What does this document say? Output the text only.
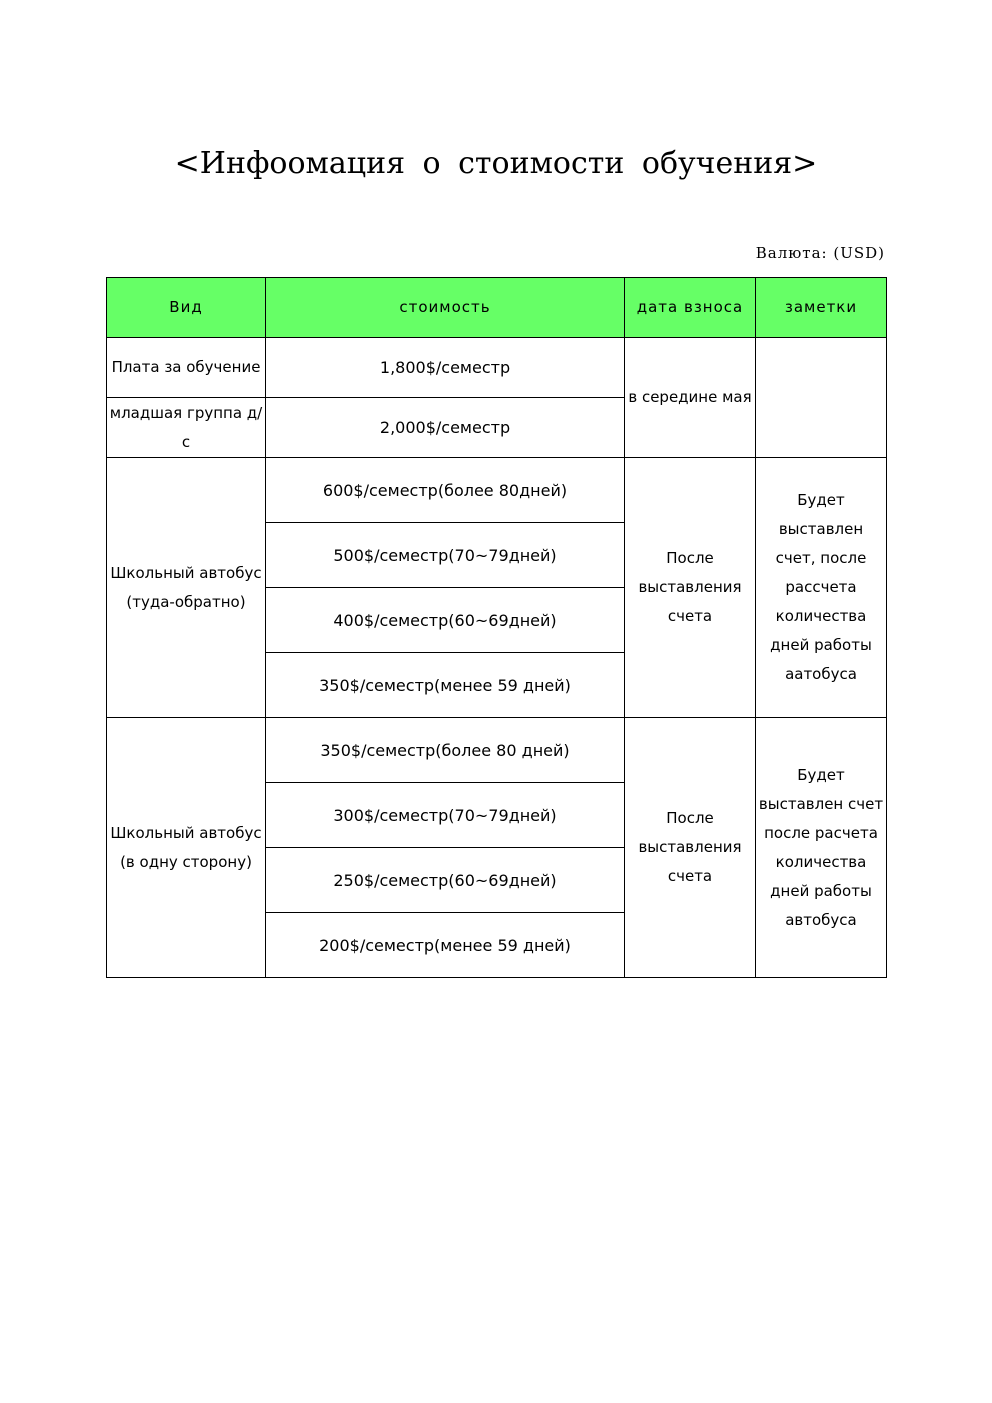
<Инфоомация о стоимости обучения>
Валюта: (USD)
Вид	стоимость	дата взноса	заметки
Плата за обучение	1,800$/семестр	в середине мая	
младшая группа д/с	2,000$/семестр		
Школьный автобус (туда-обратно)	600$/семестр(более 80дней)	После выставления счета	Будет выставлен счет, после рассчета количества дней работы аатобуса
	500$/семестр(70~79дней)		
	400$/семестр(60~69дней)		
	350$/семестр(менее 59 дней)		
Школьный автобус (в одну сторону)	350$/семестр(более 80 дней)	После выставления счета	Будет выставлен счет после расчета количества дней работы автобуса
	300$/семестр(70~79дней)		
	250$/семестр(60~69дней)		
	200$/семестр(менее 59 дней)		
